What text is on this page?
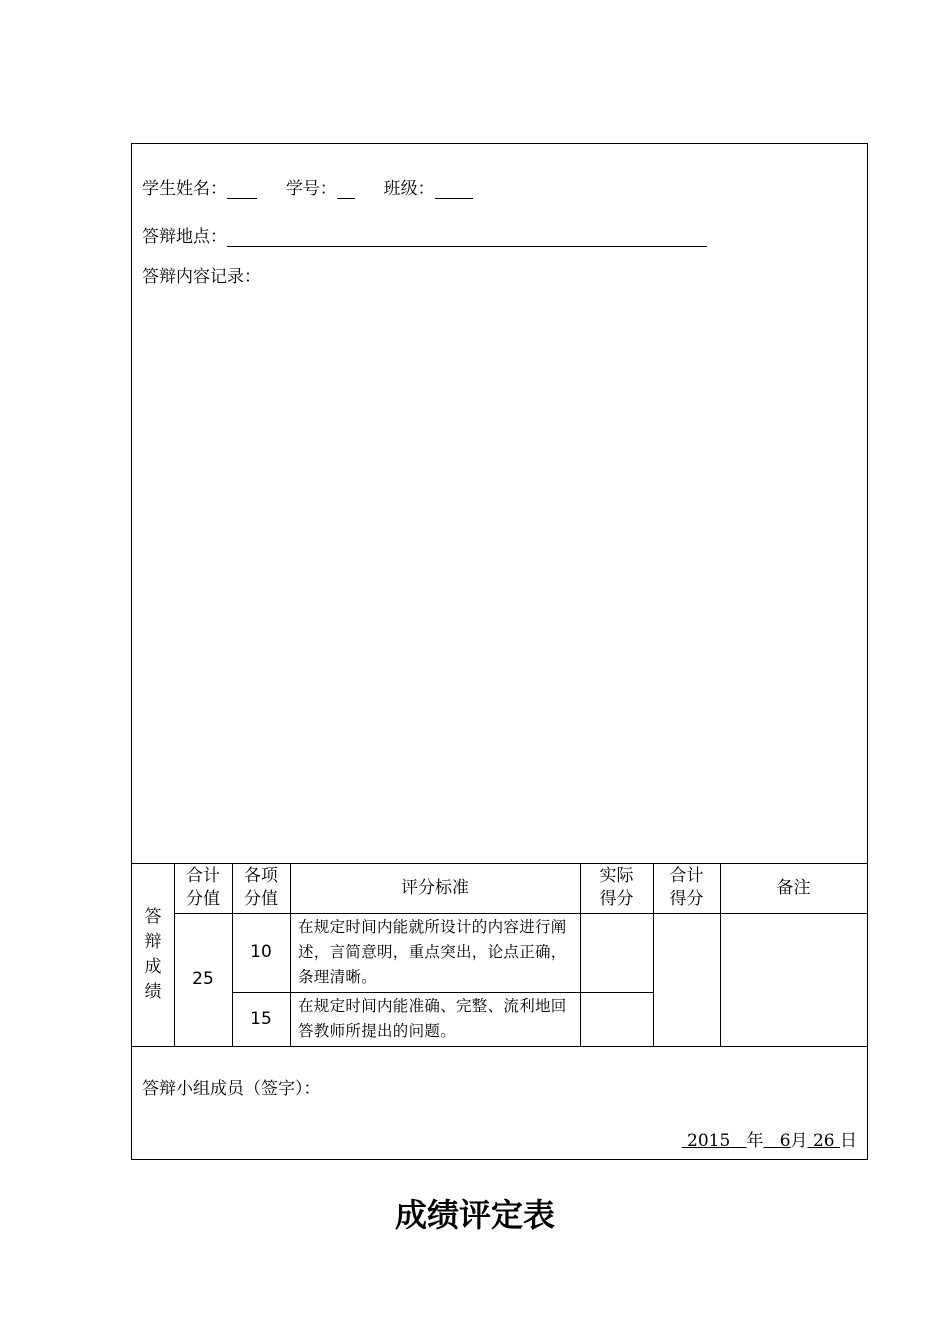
学生姓名：	学号：	班级：
答辩地点：
答辩内容记录：
答
辩
成
绩
合计
分值
各项
分值
评分标准
实际
得分
合计
得分
备注
25
10
在规定时间内能就所设计的内容进行阐述，言简意明，重点突出，论点正确，条理清晰。
15
在规定时间内能准确、完整、流利地回答教师所提出的问题。
答辩小组成员（签字）：
2015 年 6月 26 日
成绩评定表
